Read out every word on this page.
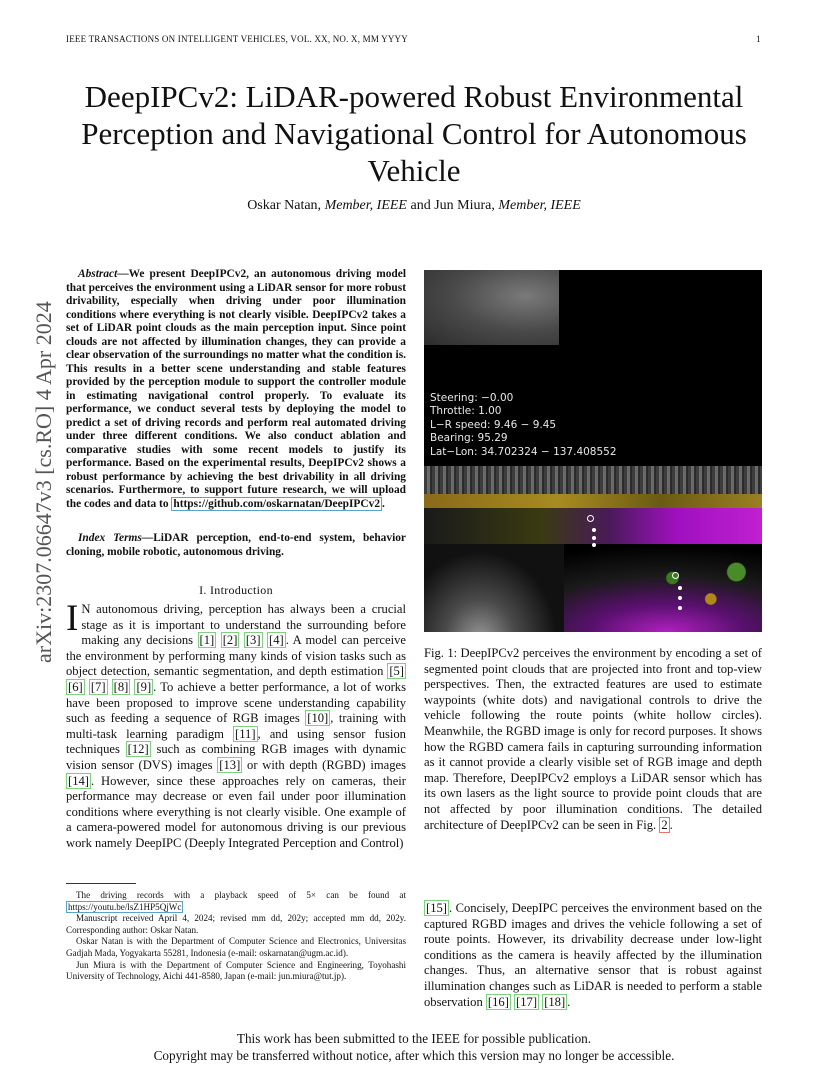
IEEE TRANSACTIONS ON INTELLIGENT VEHICLES, VOL. XX, NO. X, MM YYYY	1
arXiv:2307.06647v3 [cs.RO] 4 Apr 2024
DeepIPCv2: LiDAR-powered Robust Environmental Perception and Navigational Control for Autonomous Vehicle
Oskar Natan, Member, IEEE and Jun Miura, Member, IEEE
Abstract—We present DeepIPCv2, an autonomous driving model that perceives the environment using a LiDAR sensor for more robust drivability, especially when driving under poor illumination conditions where everything is not clearly visible. DeepIPCv2 takes a set of LiDAR point clouds as the main perception input. Since point clouds are not affected by illumination changes, they can provide a clear observation of the surroundings no matter what the condition is. This results in a better scene understanding and stable features provided by the perception module to support the controller module in estimating navigational control properly. To evaluate its performance, we conduct several tests by deploying the model to predict a set of driving records and perform real automated driving under three different conditions. We also conduct ablation and comparative studies with some recent models to justify its performance. Based on the experimental results, DeepIPCv2 shows a robust performance by achieving the best drivability in all driving scenarios. Furthermore, to support future research, we will upload the codes and data to https://github.com/oskarnatan/DeepIPCv2 .
Index Terms—LiDAR perception, end-to-end system, behavior cloning, mobile robotic, autonomous driving.
I. Introduction
I N autonomous driving, perception has always been a crucial stage as it is important to understand the surrounding before making any decisions [1] [2] [3] [4] . A model can perceive the environment by performing many kinds of vision tasks such as object detection, semantic segmentation, and depth estimation [5] [6] [7] [8] [9] . To achieve a better performance, a lot of works have been proposed to improve scene understanding capability such as feeding a sequence of RGB images [10] , training with multi-task learning paradigm [11] , and using sensor fusion techniques [12] such as combining RGB images with dynamic vision sensor (DVS) images [13] or with depth (RGBD) images [14] . However, since these approaches rely on cameras, their performance may decrease or even fail under poor illumination conditions where everything is not clearly visible. One example of a camera-powered model for autonomous driving is our previous work namely DeepIPC (Deeply Integrated Perception and Control)

The driving records with a playback speed of 5× can be found at https://youtu.be/lsZ1HP5QjWc

Manuscript received April 4, 2024; revised mm dd, 202y; accepted mm dd, 202y. Corresponding author: Oskar Natan.

Oskar Natan is with the Department of Computer Science and Electronics, Universitas Gadjah Mada, Yogyakarta 55281, Indonesia (e-mail: oskarnatan@ugm.ac.id).

Jun Miura is with the Department of Computer Science and Engineering, Toyohashi University of Technology, Aichi 441-8580, Japan (e-mail: jun.miura@tut.jp).

Steering: −0.00
Throttle: 1.00
L−R speed: 9.46 − 9.45
Bearing: 95.29
Lat−Lon: 34.702324 − 137.408552
Fig. 1: DeepIPCv2 perceives the environment by encoding a set of segmented point clouds that are projected into front and top-view perspectives. Then, the extracted features are used to estimate waypoints (white dots) and navigational controls to drive the vehicle following the route points (white hollow circles). Meanwhile, the RGBD image is only for record purposes. It shows how the RGBD camera fails in capturing surrounding information as it cannot provide a clearly visible set of RGB image and depth map. Therefore, DeepIPCv2 employs a LiDAR sensor which has its own lasers as the light source to provide point clouds that are not affected by poor illumination conditions. The detailed architecture of DeepIPCv2 can be seen in Fig. 2 .
[15] . Concisely, DeepIPC perceives the environment based on the captured RGBD images and drives the vehicle following a set of route points. However, its drivability decrease under low-light conditions as the camera is heavily affected by the illumination changes. Thus, an alternative sensor that is robust against illumination changes such as LiDAR is needed to perform a stable observation [16] [17] [18] .
This work has been submitted to the IEEE for possible publication.
Copyright may be transferred without notice, after which this version may no longer be accessible.
